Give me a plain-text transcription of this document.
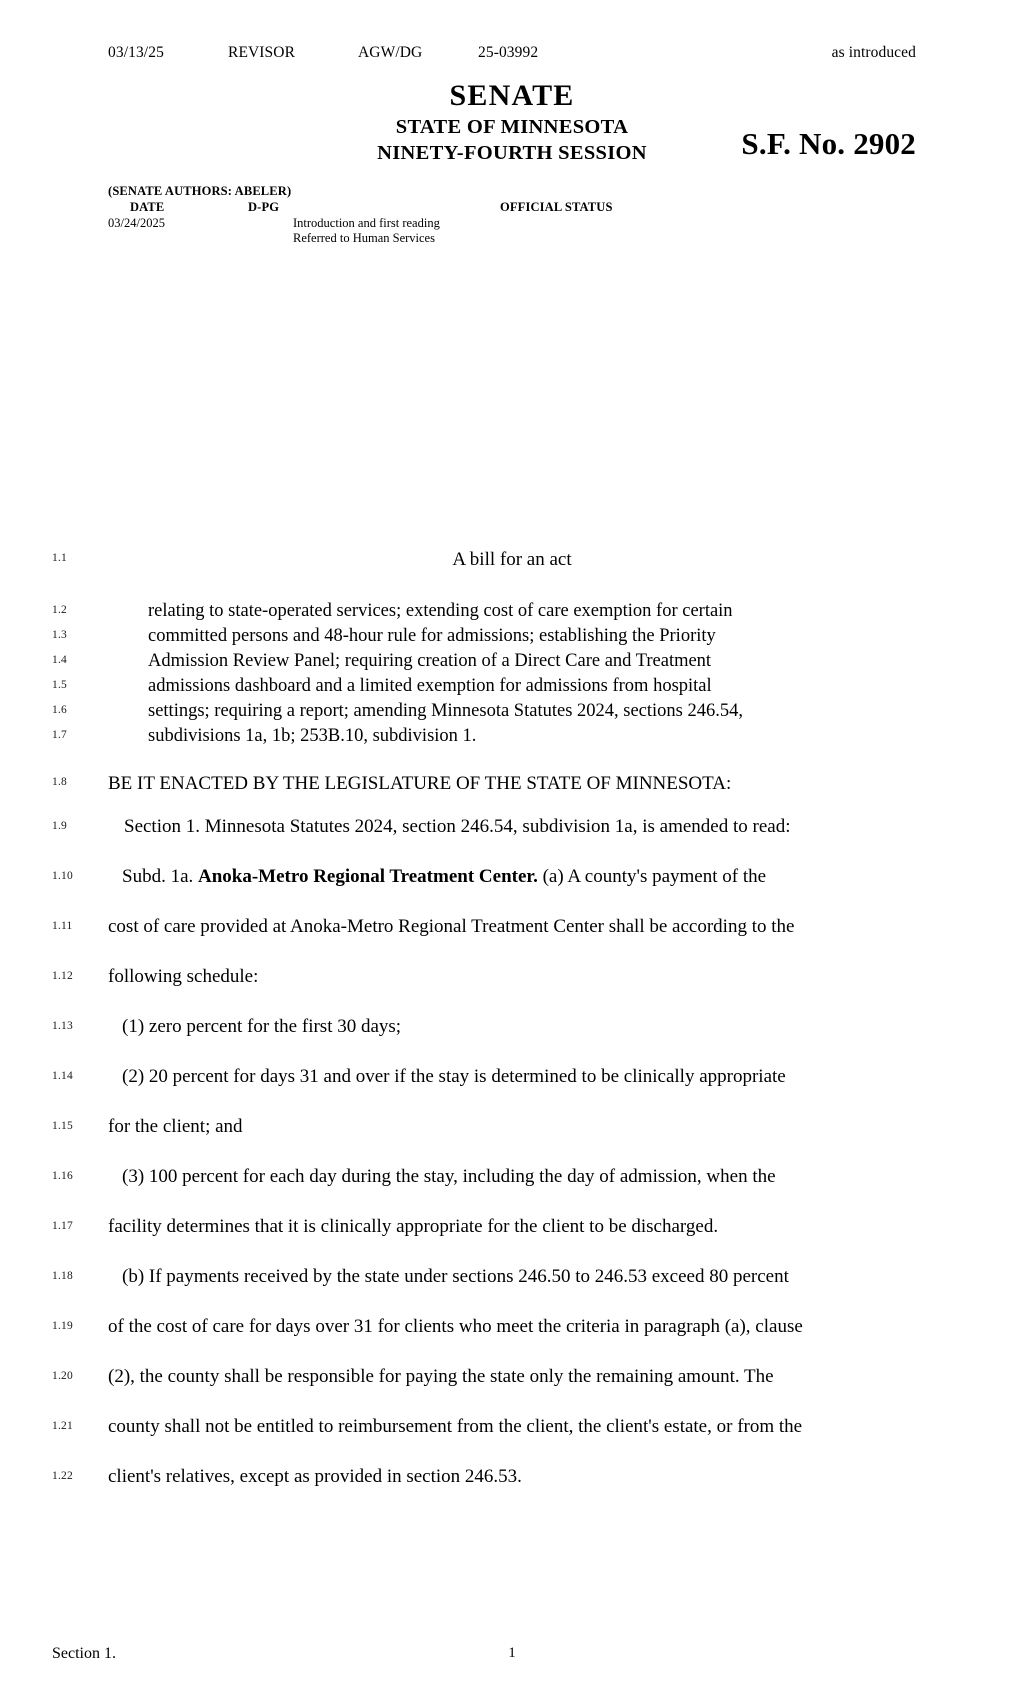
03/13/25	REVISOR	AGW/DG	25-03992	as introduced
SENATE
STATE OF MINNESOTA
NINETY-FOURTH SESSION	S.F. No. 2902
(SENATE AUTHORS: ABELER)
DATE	D-PG	OFFICIAL STATUS
03/24/2025	Introduction and first reading
Referred to Human Services
1.1	A bill for an act
1.2	relating to state-operated services; extending cost of care exemption for certain
1.3	committed persons and 48-hour rule for admissions; establishing the Priority
1.4	Admission Review Panel; requiring creation of a Direct Care and Treatment
1.5	admissions dashboard and a limited exemption for admissions from hospital
1.6	settings; requiring a report; amending Minnesota Statutes 2024, sections 246.54,
1.7	subdivisions 1a, 1b; 253B.10, subdivision 1.
1.8	BE IT ENACTED BY THE LEGISLATURE OF THE STATE OF MINNESOTA:
1.9	Section 1. Minnesota Statutes 2024, section 246.54, subdivision 1a, is amended to read:
1.10	Subd. 1a. Anoka-Metro Regional Treatment Center. (a) A county's payment of the
1.11	cost of care provided at Anoka-Metro Regional Treatment Center shall be according to the
1.12	following schedule:
1.13	(1) zero percent for the first 30 days;
1.14	(2) 20 percent for days 31 and over if the stay is determined to be clinically appropriate
1.15	for the client; and
1.16	(3) 100 percent for each day during the stay, including the day of admission, when the
1.17	facility determines that it is clinically appropriate for the client to be discharged.
1.18	(b) If payments received by the state under sections 246.50 to 246.53 exceed 80 percent
1.19	of the cost of care for days over 31 for clients who meet the criteria in paragraph (a), clause
1.20	(2), the county shall be responsible for paying the state only the remaining amount. The
1.21	county shall not be entitled to reimbursement from the client, the client's estate, or from the
1.22	client's relatives, except as provided in section 246.53.
Section 1.	1
